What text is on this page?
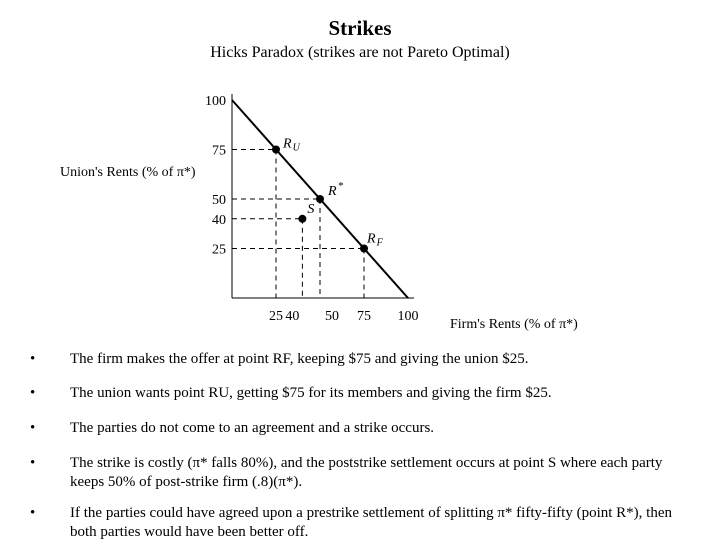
Strikes
Hicks Paradox (strikes are not Pareto Optimal)
100
75
50
40
25
25 40 50 75 100
$R_U$
R*
S
$R_F$
Union's Rents (% of π*)
Firm's Rents (% of π*)
• The firm makes the offer at point RF, keeping $75 and giving the union $25.
• The union wants point RU, getting $75 for its members and giving the firm $25.
• The parties do not come to an agreement and a strike occurs.
• The strike is costly (π* falls 80%), and the poststrike settlement occurs at point S where each party keeps 50% of post-strike firm (.8)(π*).
• If the parties could have agreed upon a prestrike settlement of splitting π* fifty-fifty (point R*), then both parties would have been better off.
